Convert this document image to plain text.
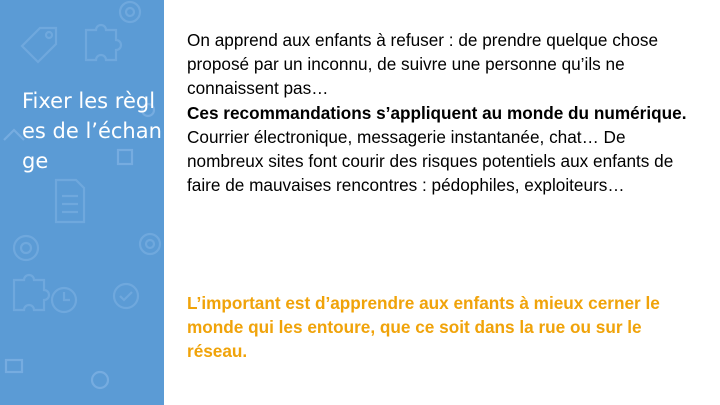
Fixer les règles de l’échange

On apprend aux enfants à refuser : de prendre quelque chose proposé par un inconnu, de suivre une personne qu’ils ne connaissent pas…

Ces recommandations s’appliquent au monde du numérique.

Courrier électronique, messagerie instantanée, chat… De nombreux sites font courir des risques potentiels aux enfants de faire de mauvaises rencontres : pédophiles, exploiteurs…

L’important est d’apprendre aux enfants à mieux cerner le monde qui les entoure, que ce soit dans la rue ou sur le réseau.
